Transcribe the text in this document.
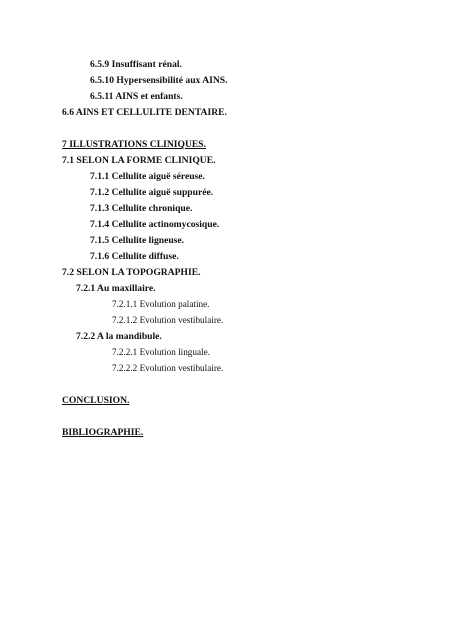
6.5.9 Insuffisant rénal.
6.5.10 Hypersensibilité aux AINS.
6.5.11 AINS et enfants.
6.6 AINS ET CELLULITE DENTAIRE.
7 ILLUSTRATIONS CLINIQUES.
7.1 SELON LA FORME CLINIQUE.
7.1.1 Cellulite aiguë séreuse.
7.1.2 Cellulite aiguë suppurée.
7.1.3 Cellulite chronique.
7.1.4 Cellulite actinomycosique.
7.1.5 Cellulite ligneuse.
7.1.6 Cellulite diffuse.
7.2 SELON LA TOPOGRAPHIE.
7.2.1 Au maxillaire.
7.2.1.1 Evolution palatine.
7.2.1.2 Evolution vestibulaire.
7.2.2 A la mandibule.
7.2.2.1 Evolution linguale.
7.2.2.2 Evolution vestibulaire.
CONCLUSION.
BIBLIOGRAPHIE.
